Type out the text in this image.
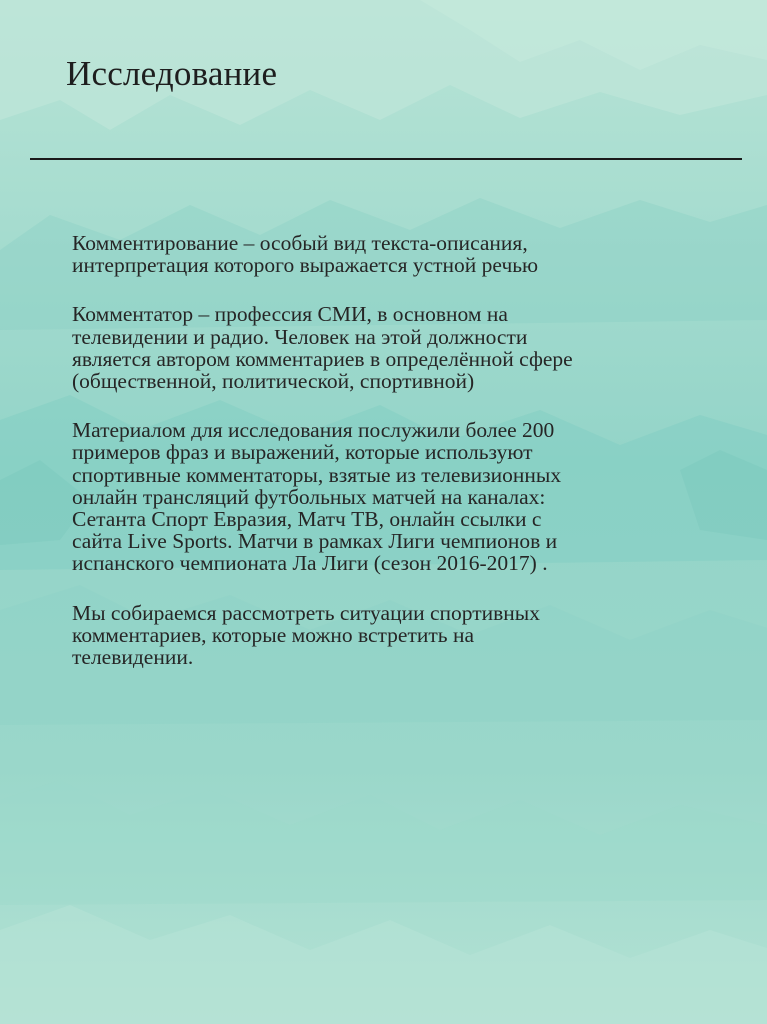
Исследование

Комментирование – особый вид текста-описания,
интерпретация которого выражается устной речью

Комментатор – профессия СМИ, в основном на
телевидении и радио. Человек на этой должности
является автором комментариев в определённой сфере
(общественной, политической, спортивной)

Материалом для исследования послужили более 200
примеров фраз и выражений, которые используют
спортивные комментаторы, взятые из телевизионных
онлайн трансляций футбольных матчей на каналах:
Сетанта Спорт Евразия, Матч ТВ, онлайн ссылки с
сайта Live Sports. Матчи в рамках Лиги чемпионов и
испанского чемпионата Ла Лиги (сезон 2016-2017) .

Мы собираемся рассмотреть ситуации спортивных
комментариев, которые можно встретить на
телевидении.
